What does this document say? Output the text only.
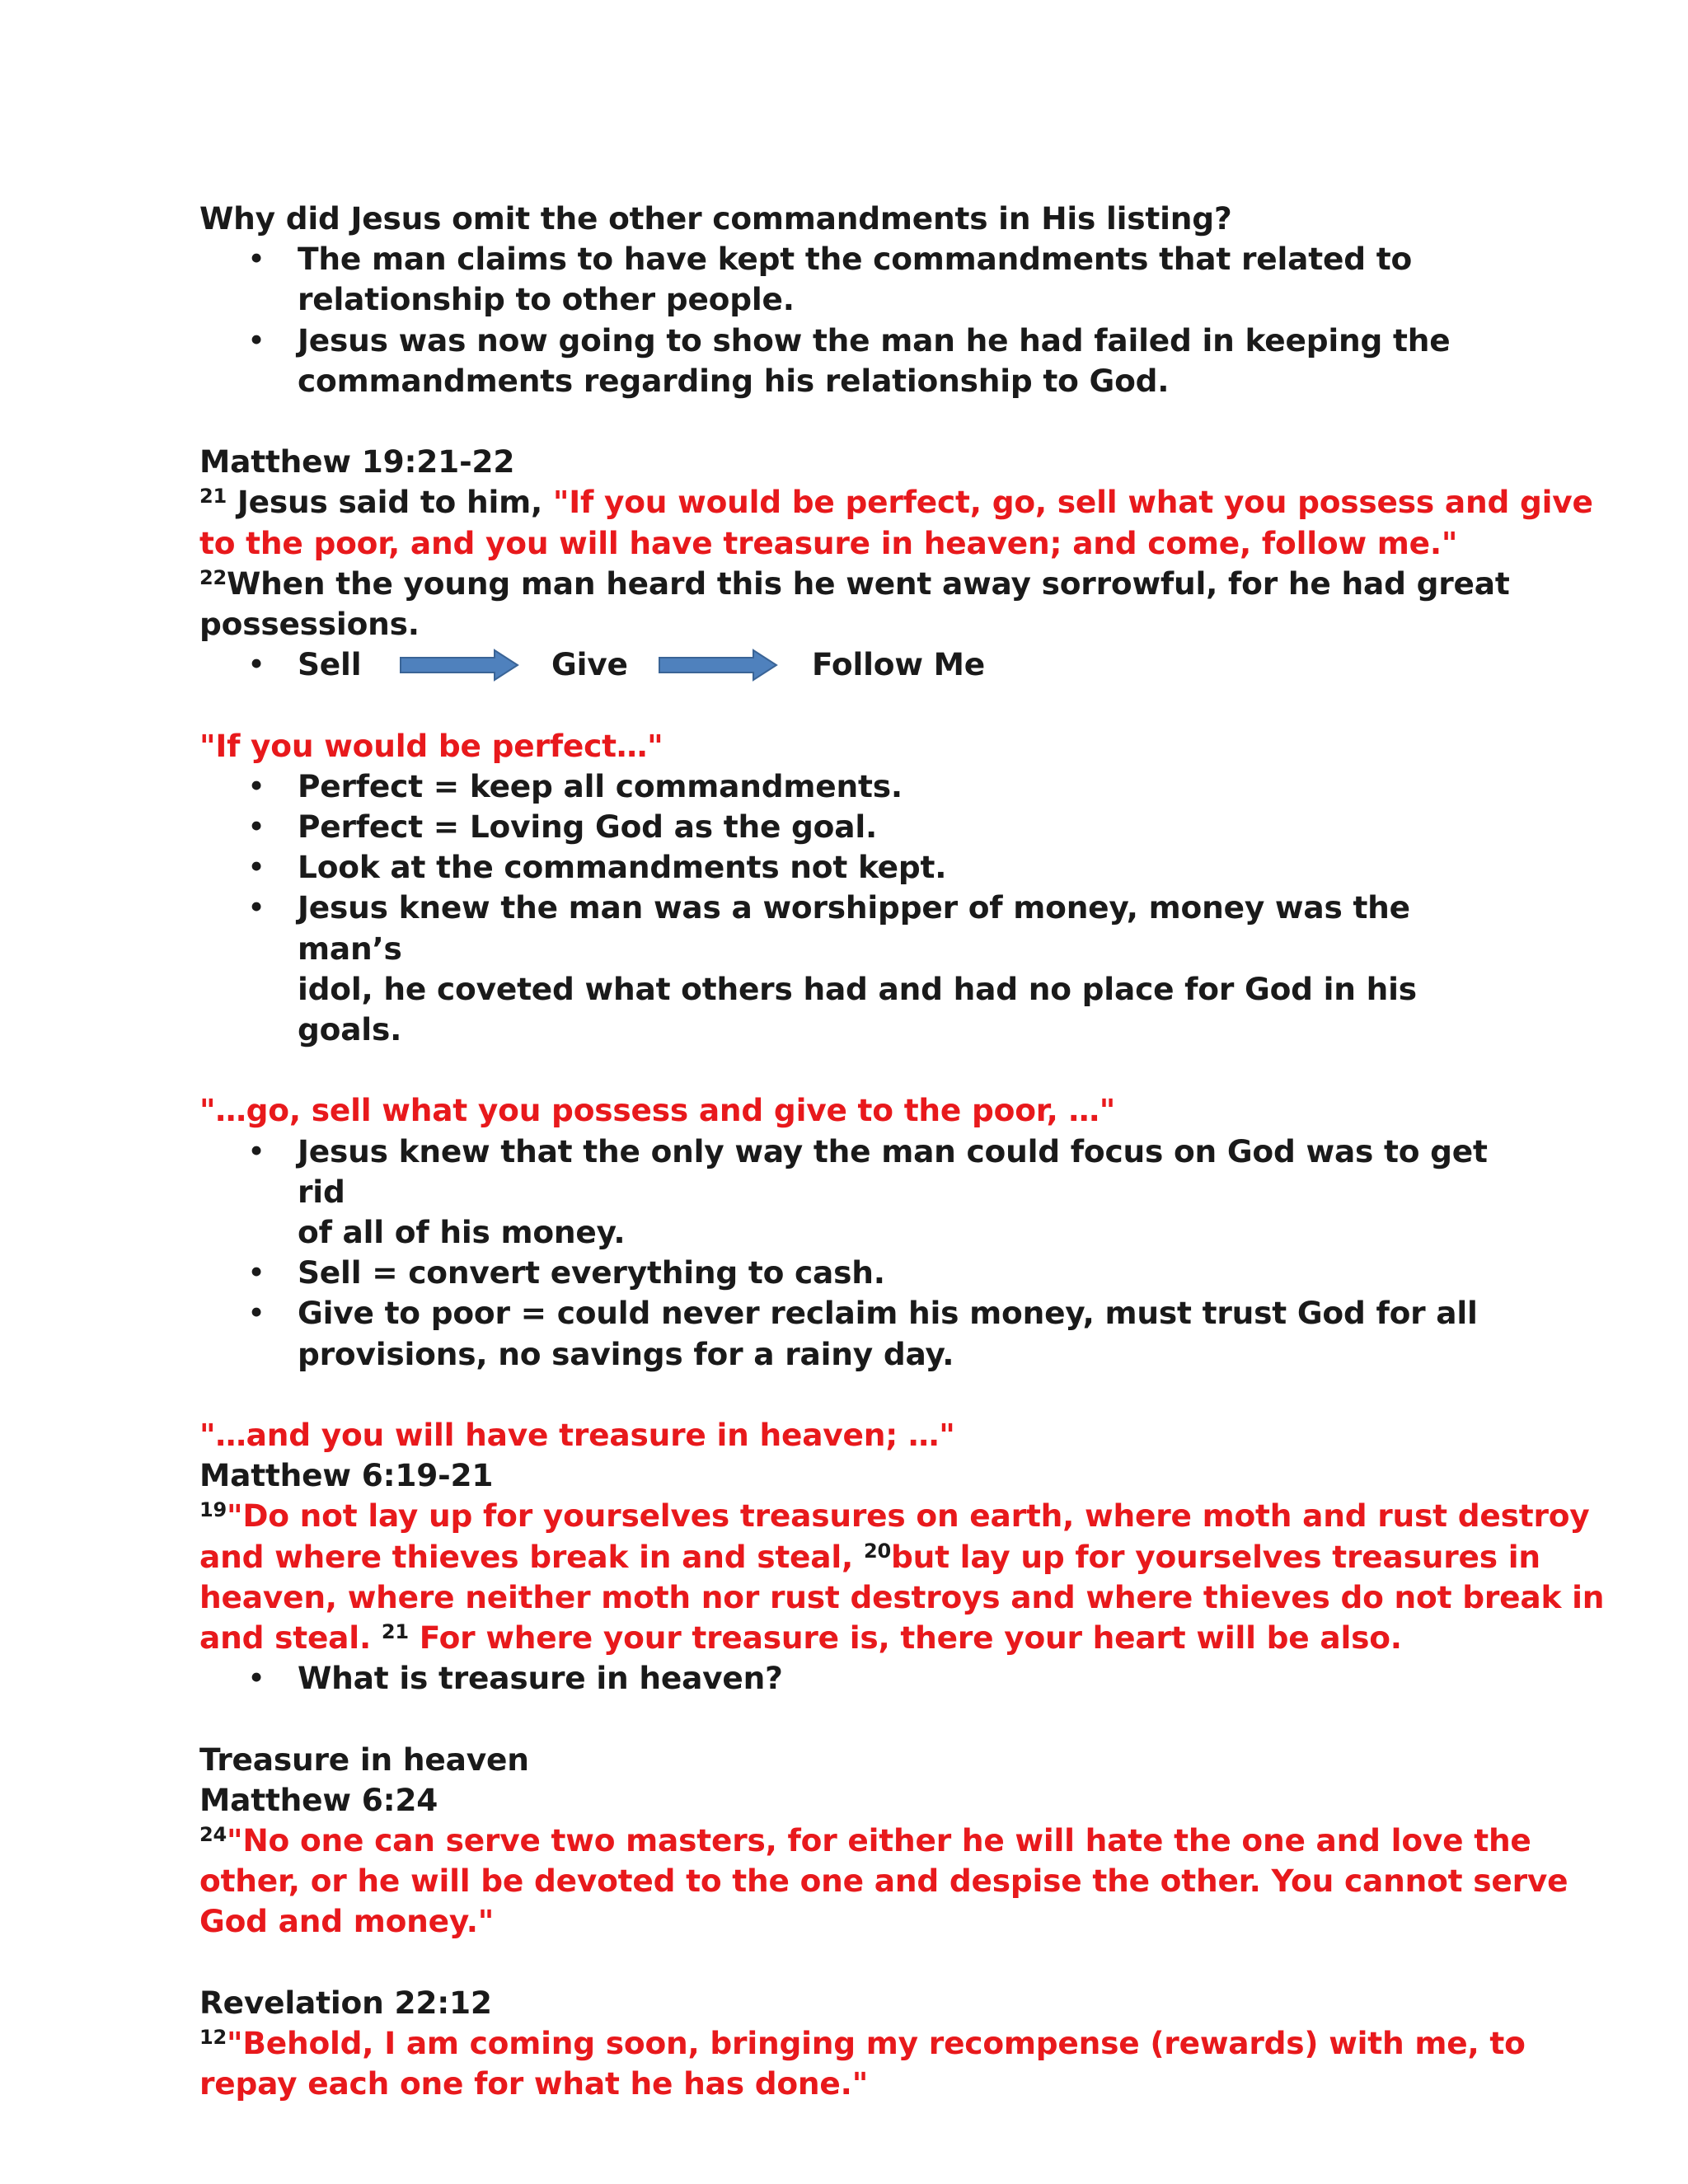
Why did Jesus omit the other commandments in His listing?
• The man claims to have kept the commandments that related to
relationship to other people.
• Jesus was now going to show the man he had failed in keeping the
commandments regarding his relationship to God.
Matthew 19:21-22
$^{21}$ Jesus said to him, "If you would be perfect, go, sell what you possess and give
to the poor, and you will have treasure in heaven; and come, follow me."
$^{22}$When the young man heard this he went away sorrowful, for he had great
possessions.
•	Sell	Give	Follow Me
"If you would be perfect…"
• Perfect = keep all commandments.
• Perfect = Loving God as the goal.
• Look at the commandments not kept.
• Jesus knew the man was a worshipper of money, money was the man’s
idol, he coveted what others had and had no place for God in his goals.
"…go, sell what you possess and give to the poor, …"
• Jesus knew that the only way the man could focus on God was to get rid
of all of his money.
• Sell = convert everything to cash.
• Give to poor = could never reclaim his money, must trust God for all
provisions, no savings for a rainy day.
"…and you will have treasure in heaven; …"
Matthew 6:19-21
$^{19}$"Do not lay up for yourselves treasures on earth, where moth and rust destroy
and where thieves break in and steal, $^{20}$but lay up for yourselves treasures in
heaven, where neither moth nor rust destroys and where thieves do not break in
and steal. $^{21}$ For where your treasure is, there your heart will be also.
• What is treasure in heaven?
Treasure in heaven
Matthew 6:24
$^{24}$"No one can serve two masters, for either he will hate the one and love the
other, or he will be devoted to the one and despise the other. You cannot serve
God and money."
Revelation 22:12
$^{12}$"Behold, I am coming soon, bringing my recompense (rewards) with me, to
repay each one for what he has done."
